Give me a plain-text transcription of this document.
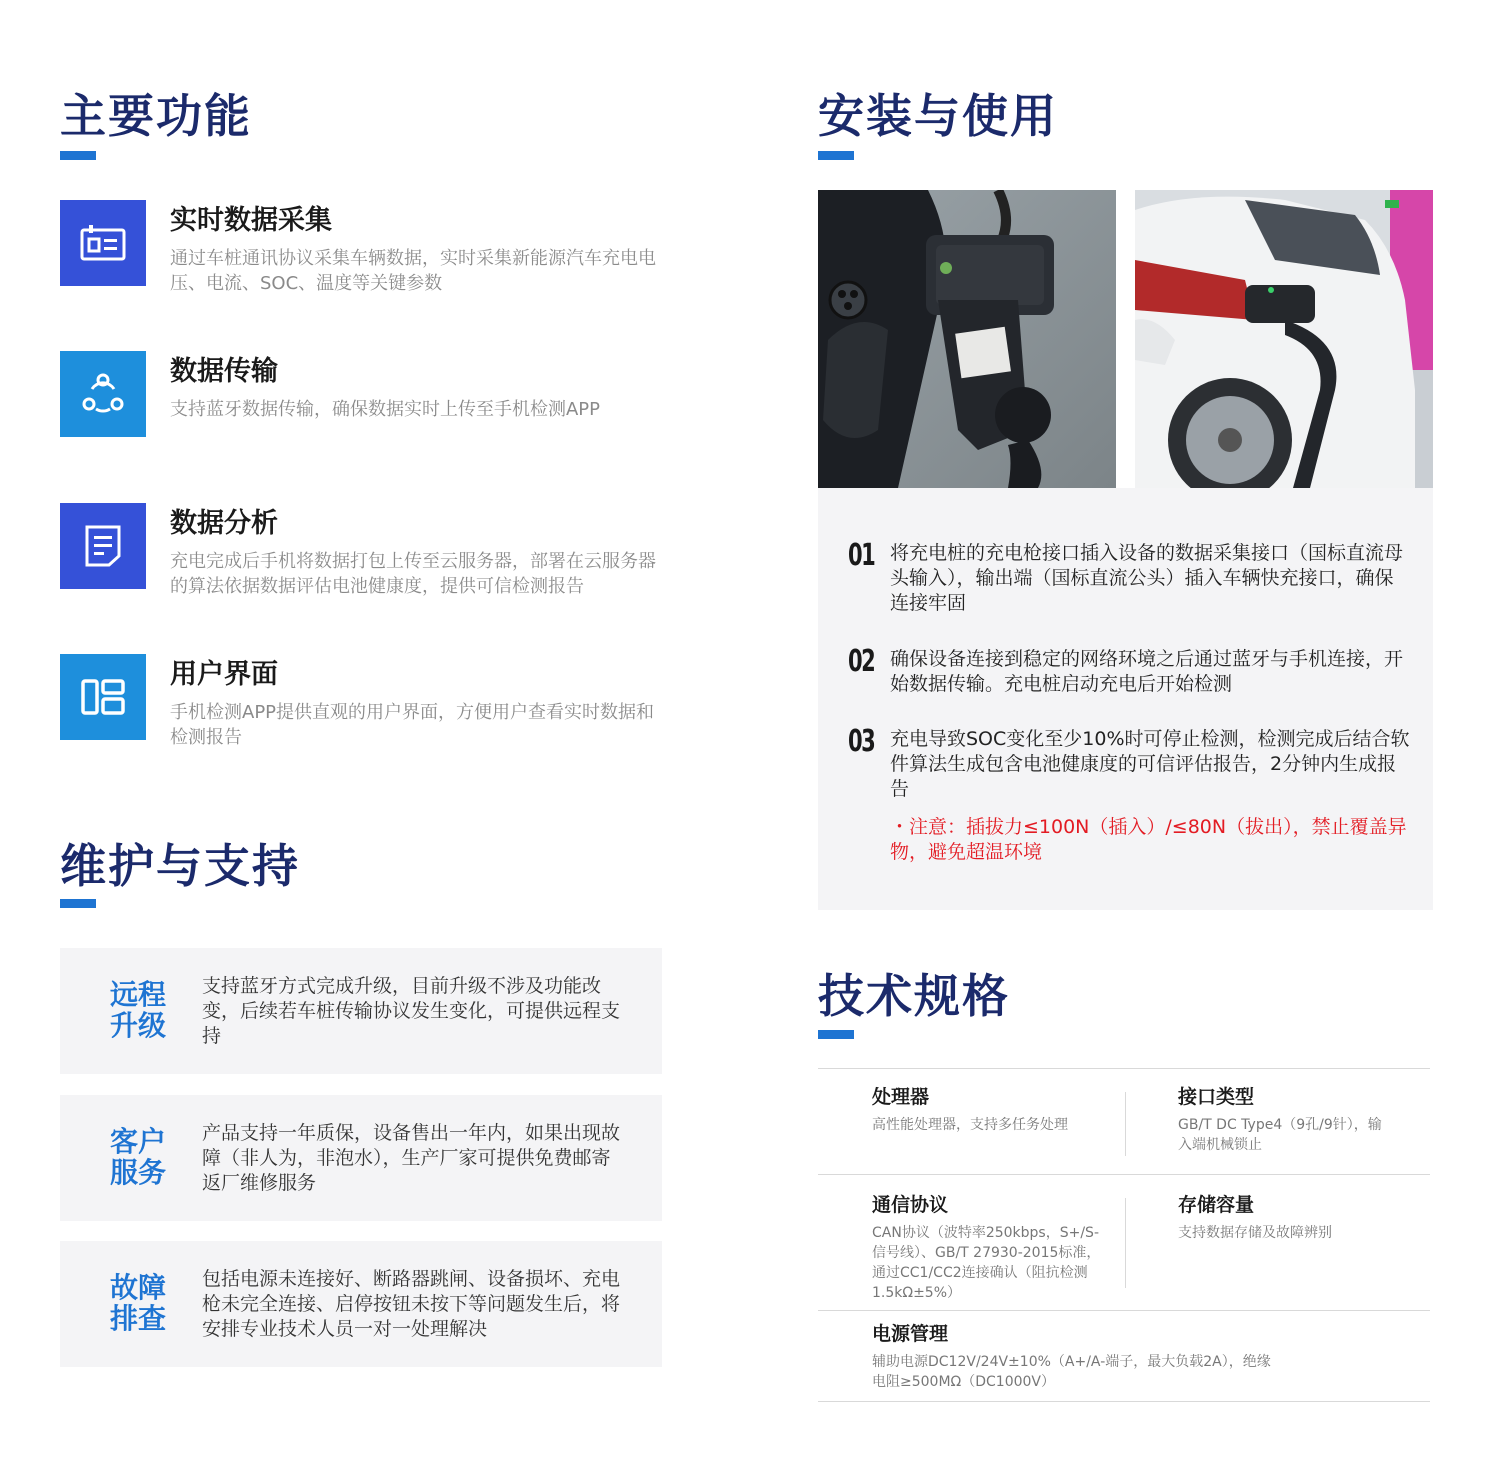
主要功能
实时数据采集
通过车桩通讯协议采集车辆数据，实时采集新能源汽车充电电压、电流、SOC、温度等关键参数
数据传输
支持蓝牙数据传输，确保数据实时上传至手机检测APP
数据分析
充电完成后手机将数据打包上传至云服务器，部署在云服务器的算法依据数据评估电池健康度，提供可信检测报告
用户界面
手机检测APP提供直观的用户界面，方便用户查看实时数据和检测报告
维护与支持
远程升级
支持蓝牙方式完成升级，目前升级不涉及功能改变，后续若车桩传输协议发生变化，可提供远程支持
客户服务
产品支持一年质保，设备售出一年内，如果出现故障（非人为，非泡水），生产厂家可提供免费邮寄返厂维修服务
故障排查
包括电源未连接好、断路器跳闸、设备损坏、充电枪未完全连接、启停按钮未按下等问题发生后，将安排专业技术人员一对一处理解决
安装与使用
01 将充电桩的充电枪接口插入设备的数据采集接口（国标直流母头输入），输出端（国标直流公头）插入车辆快充接口，确保连接牢固
02 确保设备连接到稳定的网络环境之后通过蓝牙与手机连接，开始数据传输。充电桩启动充电后开始检测
03 充电导致SOC变化至少10%时可停止检测，检测完成后结合软件算法生成包含电池健康度的可信评估报告，2分钟内生成报告
・注意：插拔力≤100N（插入）/≤80N（拔出），禁止覆盖异物，避免超温环境
技术规格
处理器
高性能处理器，支持多任务处理
接口类型
GB/T DC Type4（9孔/9针），输入端机械锁止
通信协议
CAN协议（波特率250kbps，S+/S-信号线）、GB/T 27930-2015标准，通过CC1/CC2连接确认（阻抗检测1.5kΩ±5%）
存储容量
支持数据存储及故障辨别
电源管理
辅助电源DC12V/24V±10%（A+/A-端子，最大负载2A），绝缘电阻≥500MΩ（DC1000V）
